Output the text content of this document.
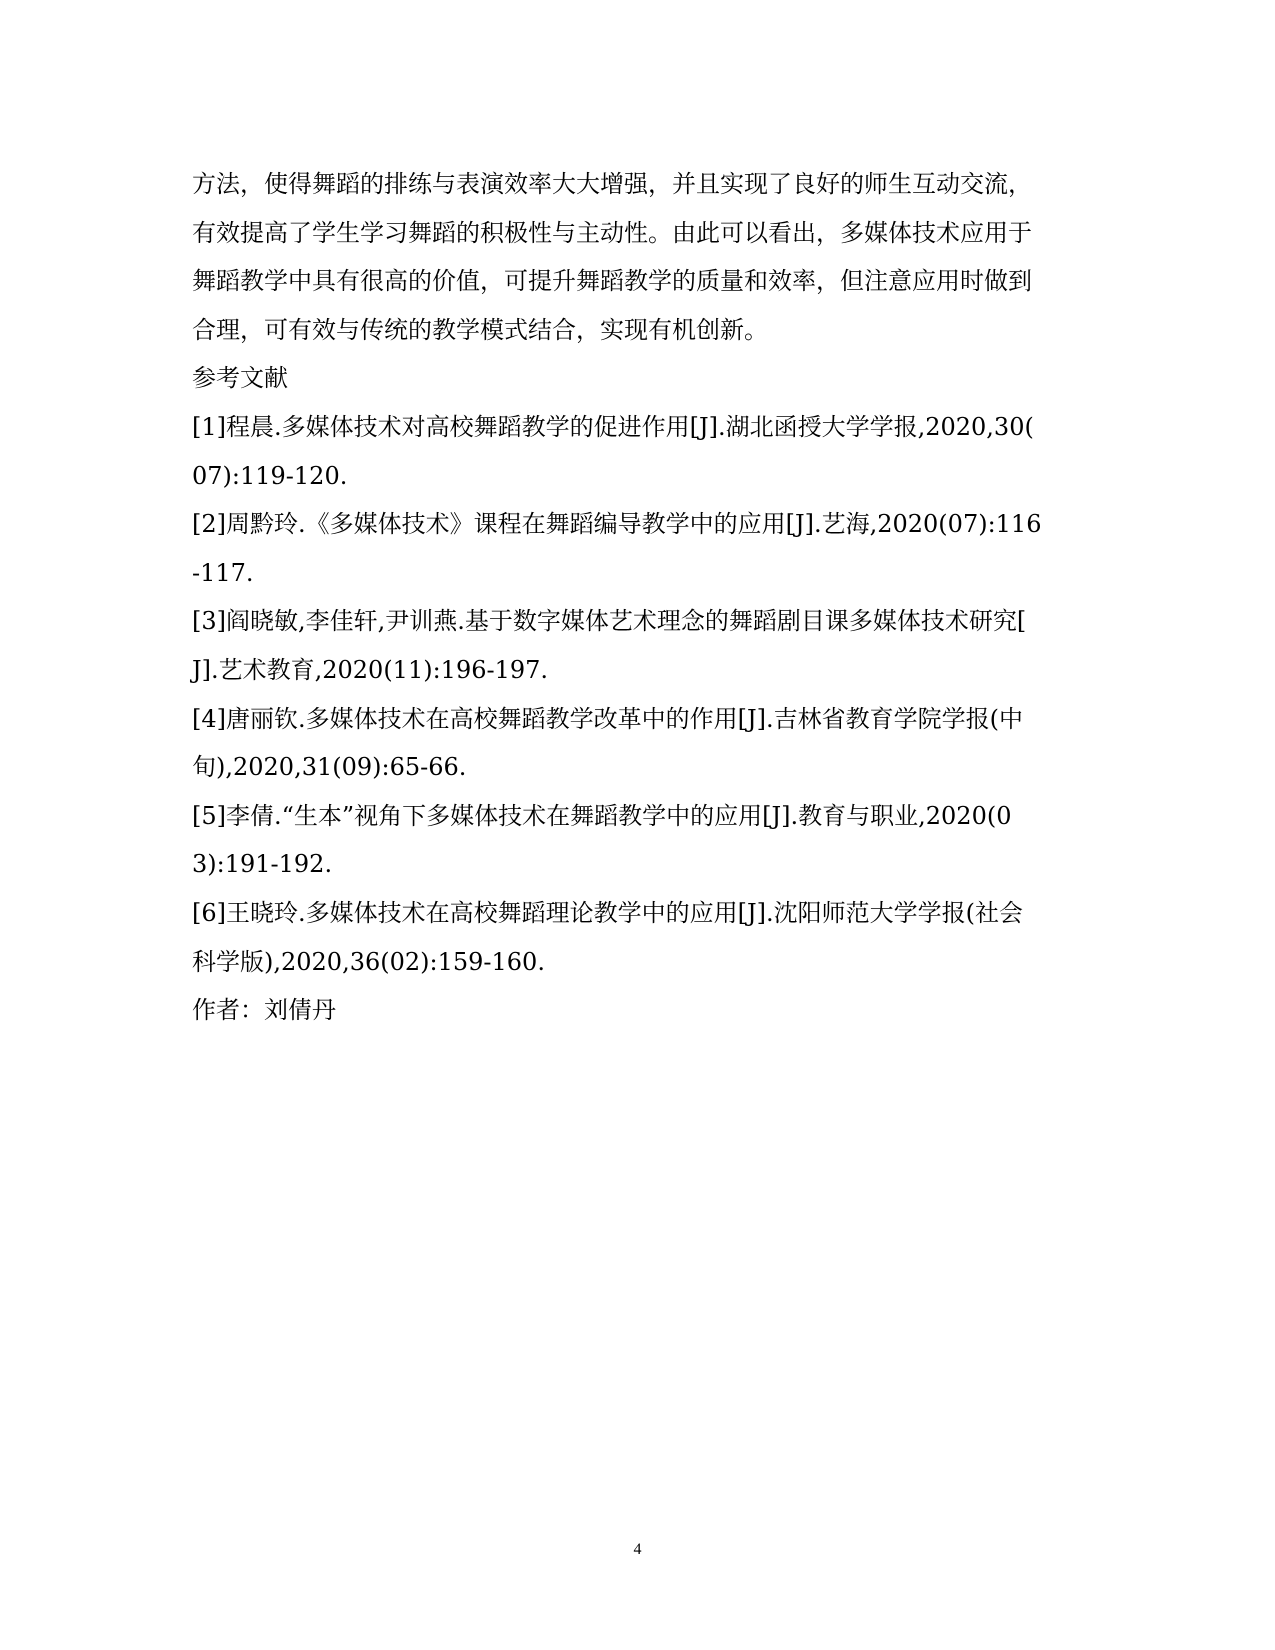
方法，使得舞蹈的排练与表演效率大大增强，并且实现了良好的师生互动交流，
有效提高了学生学习舞蹈的积极性与主动性。由此可以看出，多媒体技术应用于
舞蹈教学中具有很高的价值，可提升舞蹈教学的质量和效率，但注意应用时做到
合理，可有效与传统的教学模式结合，实现有机创新。
参考文献
[1]程晨.多媒体技术对高校舞蹈教学的促进作用[J].湖北函授大学学报,2020,30(
07):119-120.
[2]周黔玲.《多媒体技术》课程在舞蹈编导教学中的应用[J].艺海,2020(07):116
-117.
[3]阎晓敏,李佳轩,尹训燕.基于数字媒体艺术理念的舞蹈剧目课多媒体技术研究[
J].艺术教育,2020(11):196-197.
[4]唐丽钦.多媒体技术在高校舞蹈教学改革中的作用[J].吉林省教育学院学报(中
旬),2020,31(09):65-66.
[5]李倩.“生本”视角下多媒体技术在舞蹈教学中的应用[J].教育与职业,2020(0
3):191-192.
[6]王晓玲.多媒体技术在高校舞蹈理论教学中的应用[J].沈阳师范大学学报(社会
科学版),2020,36(02):159-160.
作者：刘倩丹
4
